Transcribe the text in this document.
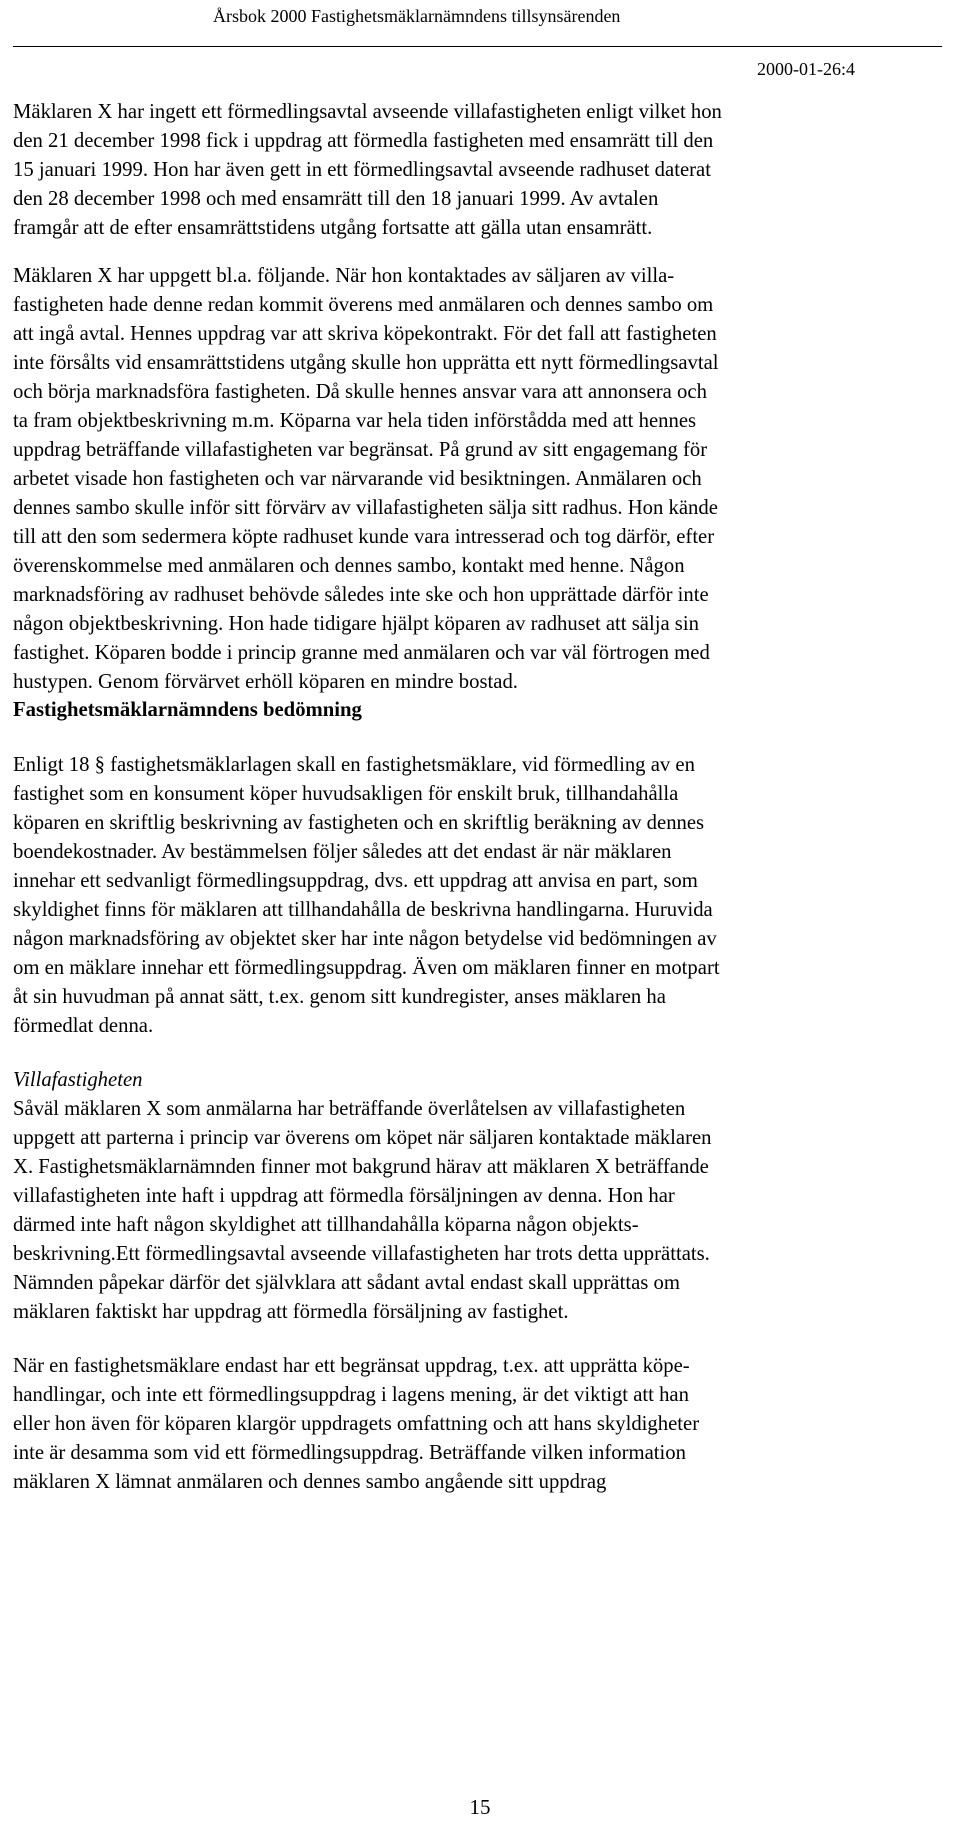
Årsbok 2000 Fastighetsmäklarnämndens tillsynsärenden
2000-01-26:4

Mäklaren X har ingett ett förmedlingsavtal avseende villafastigheten enligt vilket hon
den 21 december 1998 fick i uppdrag att förmedla fastigheten med ensamrätt till den
15 januari 1999. Hon har även gett in ett förmedlingsavtal avseende radhuset daterat
den 28 december 1998 och med ensamrätt till den 18 januari 1999. Av avtalen
framgår att de efter ensamrättstidens utgång fortsatte att gälla utan ensamrätt.

Mäklaren X har uppgett bl.a. följande. När hon kontaktades av säljaren av villa-
fastigheten hade denne redan kommit överens med anmälaren och dennes sambo om
att ingå avtal. Hennes uppdrag var att skriva köpekontrakt. För det fall att fastigheten
inte försålts vid ensamrättstidens utgång skulle hon upprätta ett nytt förmedlingsavtal
och börja marknadsföra fastigheten. Då skulle hennes ansvar vara att annonsera och
ta fram objektbeskrivning m.m. Köparna var hela tiden införstådda med att hennes
uppdrag beträffande villafastigheten var begränsat. På grund av sitt engagemang för
arbetet visade hon fastigheten och var närvarande vid besiktningen. Anmälaren och
dennes sambo skulle inför sitt förvärv av villafastigheten sälja sitt radhus. Hon kände
till att den som sedermera köpte radhuset kunde vara intresserad och tog därför, efter
överenskommelse med anmälaren och dennes sambo, kontakt med henne. Någon
marknadsföring av radhuset behövde således inte ske och hon upprättade därför inte
någon objektbeskrivning. Hon hade tidigare hjälpt köparen av radhuset att sälja sin
fastighet. Köparen bodde i princip granne med anmälaren och var väl förtrogen med
hustypen. Genom förvärvet erhöll köparen en mindre bostad.

Fastighetsmäklarnämndens bedömning

Enligt 18 § fastighetsmäklarlagen skall en fastighetsmäklare, vid förmedling av en
fastighet som en konsument köper huvudsakligen för enskilt bruk, tillhandahålla
köparen en skriftlig beskrivning av fastigheten och en skriftlig beräkning av dennes
boendekostnader. Av bestämmelsen följer således att det endast är när mäklaren
innehar ett sedvanligt förmedlingsuppdrag, dvs. ett uppdrag att anvisa en part, som
skyldighet finns för mäklaren att tillhandahålla de beskrivna handlingarna. Huruvida
någon marknadsföring av objektet sker har inte någon betydelse vid bedömningen av
om en mäklare innehar ett förmedlingsuppdrag. Även om mäklaren finner en motpart
åt sin huvudman på annat sätt, t.ex. genom sitt kundregister, anses mäklaren ha
förmedlat denna.

Villafastigheten

Såväl mäklaren X som anmälarna har beträffande överlåtelsen av villafastigheten
uppgett att parterna i princip var överens om köpet när säljaren kontaktade mäklaren
X. Fastighetsmäklarnämnden finner mot bakgrund härav att mäklaren X beträffande
villafastigheten inte haft i uppdrag att förmedla försäljningen av denna. Hon har
därmed inte haft någon skyldighet att tillhandahålla köparna någon objekts-
beskrivning.Ett förmedlingsavtal avseende villafastigheten har trots detta upprättats.
Nämnden påpekar därför det självklara att sådant avtal endast skall upprättas om
mäklaren faktiskt har uppdrag att förmedla försäljning av fastighet.

När en fastighetsmäklare endast har ett begränsat uppdrag, t.ex. att upprätta köpe-
handlingar, och inte ett förmedlingsuppdrag i lagens mening, är det viktigt att han
eller hon även för köparen klargör uppdragets omfattning och att hans skyldigheter
inte är desamma som vid ett förmedlingsuppdrag. Beträffande vilken information
mäklaren X lämnat anmälaren och dennes sambo angående sitt uppdrag

15
